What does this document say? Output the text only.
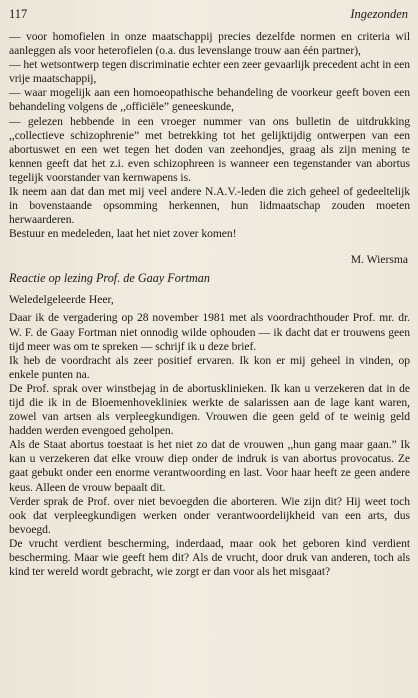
117	Ingezonden

— voor homofielen in onze maatschappij precies dezelfde normen en criteria wil aanleggen als voor heterofielen (o.a. dus levenslange trouw aan één partner),

— het wetsontwerp tegen discriminatie echter een zeer gevaarlijk precedent acht in een vrije maatschappij,

— waar mogelijk aan een homoeopathische behandeling de voorkeur geeft boven een behandeling volgens de ,,officiële” geneeskunde,

— gelezen hebbende in een vroeger nummer van ons bulletin de uitdrukking ,,collectieve schizophrenie” met betrekking tot het gelijktijdig ontwerpen van een abortuswet en een wet tegen het doden van zeehondjes, graag als zijn mening te kennen geeft dat het z.i. even schizophreen is wanneer een tegenstander van abortus tegelijk voorstander van kernwapens is.

Ik neem aan dat dan met mij veel andere N.A.V.-leden die zich geheel of gedeeltelijk in bovenstaande opsomming herkennen, hun lidmaatschap zouden moeten herwaarderen.

Bestuur en medeleden, laat het niet zover komen!

M. Wiersma
Reactie op lezing Prof. de Gaay Fortman
Weledelgeleerde Heer,

Daar ik de vergadering op 28 november 1981 met als voordrachthouder Prof. mr. dr. W. F. de Gaay Fortman niet onnodig wilde ophouden — ik dacht dat er trouwens geen tijd meer was om te spreken — schrijf ik u deze brief.

Ik heb de voordracht als zeer positief ervaren. Ik kon er mij geheel in vinden, op enkele punten na.

De Prof. sprak over winstbejag in de abortusklinieken. Ik kan u verzekeren dat in de tijd die ik in de Bloemenhoveklinieк werkte de salarissen aan de lage kant waren, zowel van artsen als verpleegkundigen. Vrouwen die geen geld of te weinig geld hadden werden evengoed geholpen.

Als de Staat abortus toestaat is het niet zo dat de vrouwen ,,hun gang maar gaan.” Ik kan u verzekeren dat elke vrouw diep onder de indruk is van abortus provocatus. Ze gaat gebukt onder een enorme verantwoording en last. Voor haar heeft ze geen andere keus. Alleen de vrouw bepaalt dit.

Verder sprak de Prof. over niet bevoegden die aborteren. Wie zijn dit? Hij weet toch ook dat verpleegkundigen werken onder verantwoordelijkheid van een arts, dus bevoegd.

De vrucht verdient bescherming, inderdaad, maar ook het geboren kind verdient bescherming. Maar wie geeft hem dit? Als de vrucht, door druk van anderen, toch als kind ter wereld wordt gebracht, wie zorgt er dan voor als het misgaat?
